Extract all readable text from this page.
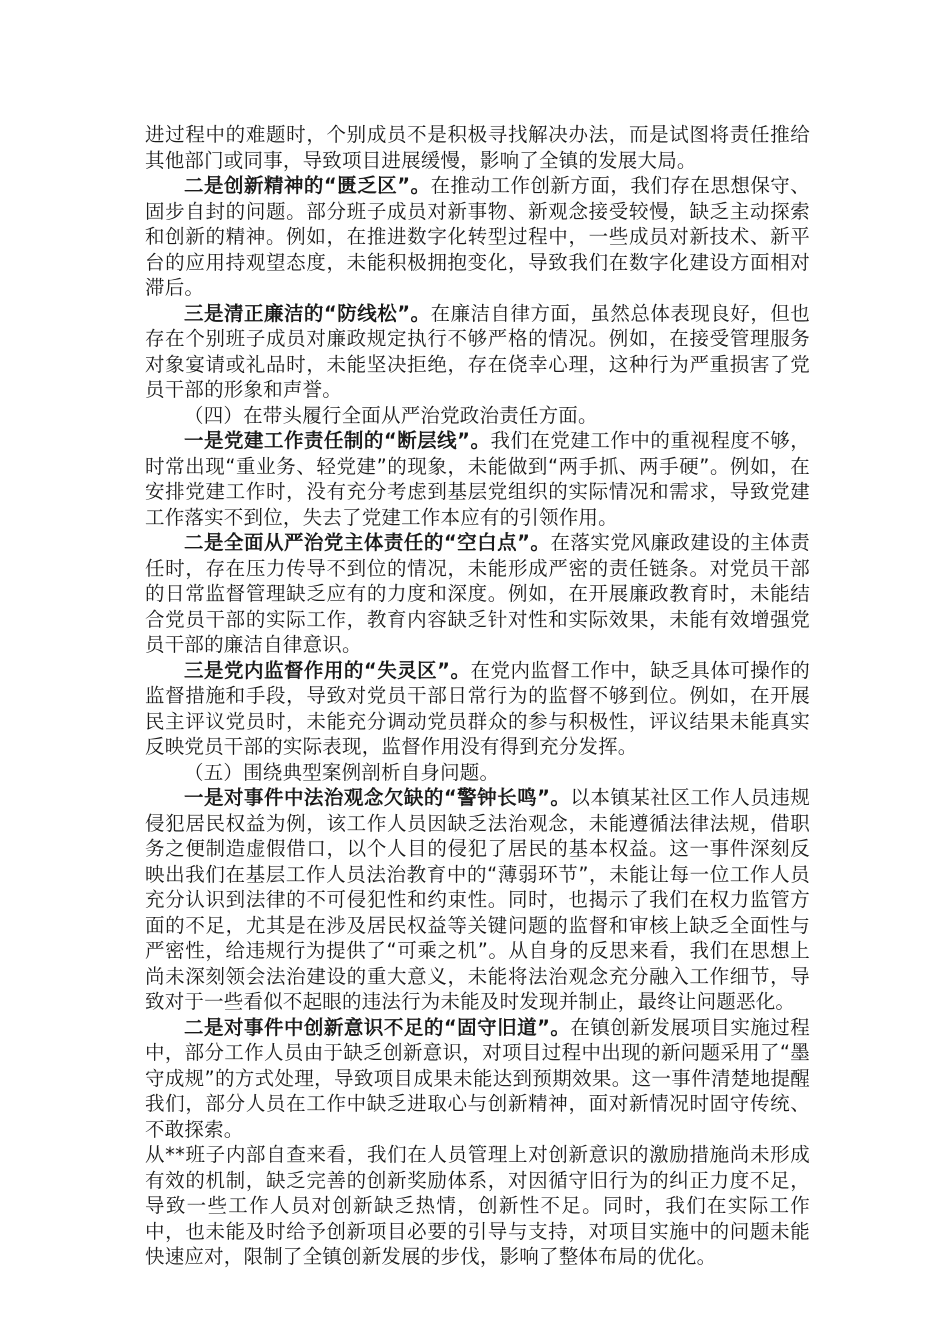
进过程中的难题时，个别成员不是积极寻找解决办法，而是试图将责任推给其他部门或同事，导致项目进展缓慢，影响了全镇的发展大局。

二是创新精神的“匮乏区”。在推动工作创新方面，我们存在思想保守、固步自封的问题。部分班子成员对新事物、新观念接受较慢，缺乏主动探索和创新的精神。例如，在推进数字化转型过程中，一些成员对新技术、新平台的应用持观望态度，未能积极拥抱变化，导致我们在数字化建设方面相对滞后。

三是清正廉洁的“防线松”。在廉洁自律方面，虽然总体表现良好，但也存在个别班子成员对廉政规定执行不够严格的情况。例如，在接受管理服务对象宴请或礼品时，未能坚决拒绝，存在侥幸心理，这种行为严重损害了党员干部的形象和声誉。

（四）在带头履行全面从严治党政治责任方面。

一是党建工作责任制的“断层线”。我们在党建工作中的重视程度不够，时常出现“重业务、轻党建”的现象，未能做到“两手抓、两手硬”。例如，在安排党建工作时，没有充分考虑到基层党组织的实际情况和需求，导致党建工作落实不到位，失去了党建工作本应有的引领作用。

二是全面从严治党主体责任的“空白点”。在落实党风廉政建设的主体责任时，存在压力传导不到位的情况，未能形成严密的责任链条。对党员干部的日常监督管理缺乏应有的力度和深度。例如，在开展廉政教育时，未能结合党员干部的实际工作，教育内容缺乏针对性和实际效果，未能有效增强党员干部的廉洁自律意识。

三是党内监督作用的“失灵区”。在党内监督工作中，缺乏具体可操作的监督措施和手段，导致对党员干部日常行为的监督不够到位。例如，在开展民主评议党员时，未能充分调动党员群众的参与积极性，评议结果未能真实反映党员干部的实际表现，监督作用没有得到充分发挥。

（五）围绕典型案例剖析自身问题。

一是对事件中法治观念欠缺的“警钟长鸣”。以本镇某社区工作人员违规侵犯居民权益为例，该工作人员因缺乏法治观念，未能遵循法律法规，借职务之便制造虚假借口，以个人目的侵犯了居民的基本权益。这一事件深刻反映出我们在基层工作人员法治教育中的“薄弱环节”，未能让每一位工作人员充分认识到法律的不可侵犯性和约束性。同时，也揭示了我们在权力监管方面的不足，尤其是在涉及居民权益等关键问题的监督和审核上缺乏全面性与严密性，给违规行为提供了“可乘之机”。从自身的反思来看，我们在思想上尚未深刻领会法治建设的重大意义，未能将法治观念充分融入工作细节，导致对于一些看似不起眼的违法行为未能及时发现并制止，最终让问题恶化。

二是对事件中创新意识不足的“固守旧道”。在镇创新发展项目实施过程中，部分工作人员由于缺乏创新意识，对项目过程中出现的新问题采用了“墨守成规”的方式处理，导致项目成果未能达到预期效果。这一事件清楚地提醒我们，部分人员在工作中缺乏进取心与创新精神，面对新情况时固守传统、不敢探索。

从**班子内部自查来看，我们在人员管理上对创新意识的激励措施尚未形成有效的机制，缺乏完善的创新奖励体系，对因循守旧行为的纠正力度不足，导致一些工作人员对创新缺乏热情，创新性不足。同时，我们在实际工作中，也未能及时给予创新项目必要的引导与支持，对项目实施中的问题未能快速应对，限制了全镇创新发展的步伐，影响了整体布局的优化。
